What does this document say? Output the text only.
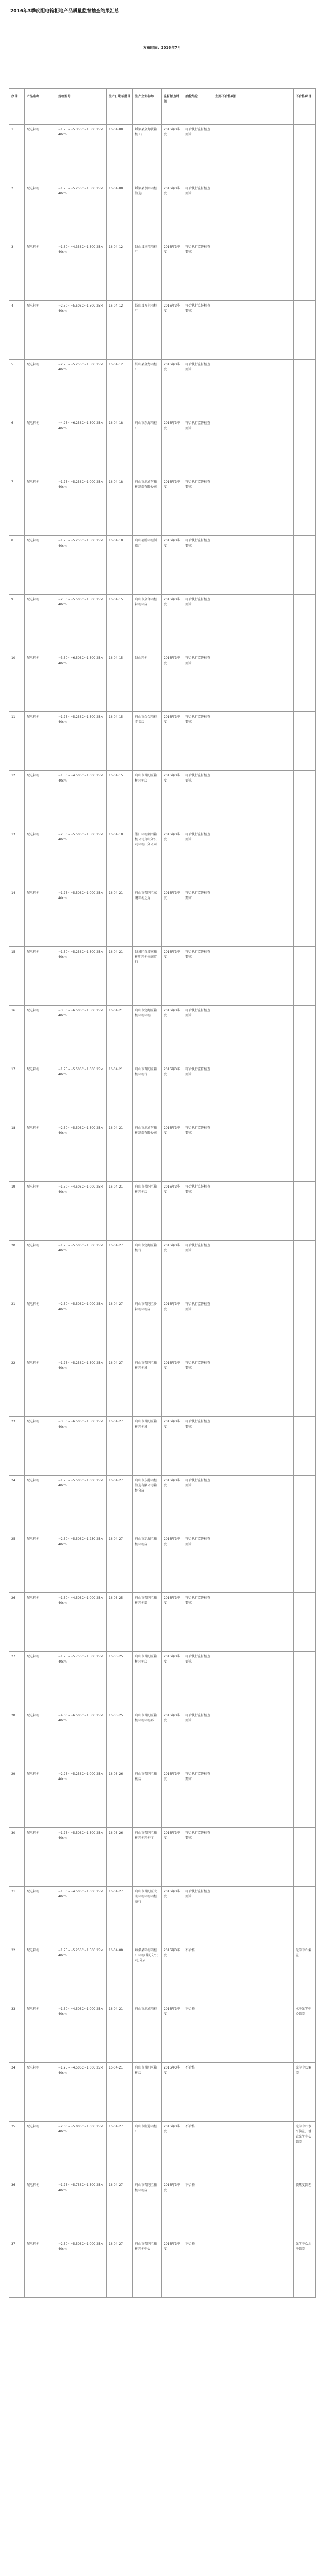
2016年3季度配电箱柜地产品质量监督抽查结果汇总
发布时间：2016年7月
序号	产品名称	规格型号	生产日期或批号	生产企业名称	监督抽查时间	抽检结论	主要不合格项目	不合格项目
1	配电箱柜	~1.75~~5.35SC~1.50C 25×40cm	16-04-08	嵊泗县众力联箱柜工厂	2016年3季度	符合执行监督检查要求		
2	配电箱柜	~1.75~~5.25SC~1.50C 25×40cm	16-04-08	嵊泗县永固箱柜制造厂	2016年3季度	符合执行监督检查要求		
3	配电箱柜	~1.30~~4.35SC~1.50C 25×40cm	16-04-12	岱山县三兴箱柜厂	2016年3季度	符合执行监督检查要求		
4	配电箱柜	~2.50~~5.50SC~1.50C 25×40cm	16-04-12	岱山县万丰箱柜厂	2016年3季度	符合执行监督检查要求		
5	配电箱柜	~2.75~~5.25SC~1.50C 25×40cm	16-04-12	岱山县金龙箱柜厂	2016年3季度	符合执行监督检查要求		
6	配电箱柜	~4.25~~6.25SC~1.50C 25×40cm	16-04-18	舟山市东海箱柜厂	2016年3季度	符合执行监督检查要求		
7	配电箱柜	~1.75~~5.25SC~1.00C 25×40cm	16-04-18	舟山市润通车箱柜制造有限公司	2016年3季度	符合执行监督检查要求		
8	配电箱柜	~1.75~~5.25SC~1.50C 25×40cm	16-04-18	舟山福鹏箱柜制造厂	2016年3季度	符合执行监督检查要求		
9	配电箱柜	~2.50~~5.50SC~1.50C 25×40cm	16-04-15	舟山市众合箱柜箱柜箱店	2016年3季度	符合执行监督检查要求		
10	配电箱柜	~3.50~~6.50SC~1.50C 25×40cm	16-04-15	岱山箱柜	2016年3季度	符合执行监督检查要求		
11	配电箱柜	~1.75~~5.25SC~1.50C 25×40cm	16-04-15	舟山市众合箱柜专卖店	2016年3季度	符合执行监督检查要求		
12	配电箱柜	~1.50~~4.50SC~1.00C 25×40cm	16-04-15	舟山市普陀区箱柜箱柜店	2016年3季度	符合执行监督检查要求		
13	配电箱柜	~2.50~~5.50SC~1.50C 25×40cm	16-04-18	浙江箱柜集团箱柜公司舟山分公司箱柜厂分公司	2016年3季度	符合执行监督检查要求		
14	配电箱柜	~1.75~~5.50SC~1.00C 25×40cm	16-04-21	舟山市普陀区东港箱柜之角	2016年3季度	符合执行监督检查要求		
15	配电箱柜	~1.50~~5.25SC~1.50C 25×40cm	16-04-21	岱城区白泉镇箱柜明箱柜体商贸行	2016年3季度	符合执行监督检查要求		
16	配电箱柜	~3.50~~6.50SC~1.50C 25×40cm	16-04-21	舟山市定海区箱柜箱柜箱柜厂	2016年3季度	符合执行监督检查要求		
17	配电箱柜	~1.75~~5.50SC~1.00C 25×40cm	16-04-21	舟山市普陀区箱柜箱柜行	2016年3季度	符合执行监督检查要求		
18	配电箱柜	~2.50~~5.50SC~1.50C 25×40cm	16-04-21	舟山市润通车箱柜制造有限公司	2016年3季度	符合执行监督检查要求		
19	配电箱柜	~1.50~~4.50SC~1.00C 25×40cm	16-04-21	舟山市普陀区箱柜箱柜店	2016年3季度	符合执行监督检查要求		
20	配电箱柜	~1.75~~5.50SC~1.50C 25×40cm	16-04-27	舟山市定海区箱柜行	2016年3季度	符合执行监督检查要求		
21	配电箱柜	~2.50~~5.50SC~1.00C 25×40cm	16-04-27	舟山市普陀区沙箱柜箱柜店	2016年3季度	符合执行监督检查要求		
22	配电箱柜	~1.75~~5.25SC~1.50C 25×40cm	16-04-27	舟山市普陀区箱柜箱柜城	2016年3季度	符合执行监督检查要求		
23	配电箱柜	~3.50~~6.50SC~1.50C 25×40cm	16-04-27	舟山市普陀区箱柜箱柜城	2016年3季度	符合执行监督检查要求		
24	配电箱柜	~1.75~~5.50SC~1.00C 25×40cm	16-04-27	舟山市东港箱柜制造有限公司箱柜分店	2016年3季度	符合执行监督检查要求		
25	配电箱柜	~2.50~~5.50SC~1.25C 25×40cm	16-04-27	舟山市定海区箱柜箱柜店	2016年3季度	符合执行监督检查要求		
26	配电箱柜	~1.50~~4.50SC~1.00C 25×40cm	16-03-25	舟山市普陀区箱柜箱柜部	2016年3季度	符合执行监督检查要求		
27	配电箱柜	~1.75~~5.75SC~1.50C 25×40cm	16-03-25	舟山市普陀区箱柜箱柜店	2016年3季度	符合执行监督检查要求		
28	配电箱柜	~4.00~~6.50SC~1.50C 25×40cm	16-03-25	舟山市普陀区箱柜箱柜箱柜部	2016年3季度	符合执行监督检查要求		
29	配电箱柜	~2.25~~5.25SC~1.00C 25×40cm	16-03-26	舟山市普陀区箱柜店	2016年3季度	符合执行监督检查要求		
30	配电箱柜	~1.75~~5.50SC~1.50C 25×40cm	16-03-26	舟山市普陀区箱柜箱柜箱柜行	2016年3季度	符合执行监督检查要求		
31	配电箱柜	~1.50~~4.50SC~1.00C 25×40cm	16-04-27	舟山市普陀区大明箱柜箱柜箱柜商行	2016年3季度	符合执行监督检查要求		
32	配电箱柜	~1.75~~5.25SC~1.50C 25×40cm	16-04-08	嵊泗县箱柜箱柜厂箱柜(普陀分公司)分店	2016年3季度	不合格		光学中心偏差
33	配电箱柜	~1.50~~4.50SC~1.00C 25×40cm	16-04-21	舟山市润通箱柜	2016年3季度	不合格		水平光学中心偏差
34	配电箱柜	~1.25~~4.50SC~1.00C 25×40cm	16-04-21	舟山市普陀区箱柜店	2016年3季度	不合格		光学中心偏差
35	配电箱柜	~2.00~~5.00SC~1.00C 25×40cm	16-04-27	舟山市润通箱柜厂	2016年3季度	不合格		光学中心水平偏差、垂直光学中心偏差
36	配电箱柜	~1.75~~5.75SC~1.50C 25×40cm	16-04-27	舟山市普陀区箱柜箱柜店	2016年3季度	不合格		顶焦度偏差
37	配电箱柜	~2.50~~5.50SC~1.00C 25×40cm	16-04-27	舟山市普陀区箱柜箱柜中心	2016年3季度	不合格		光学中心水平偏差
